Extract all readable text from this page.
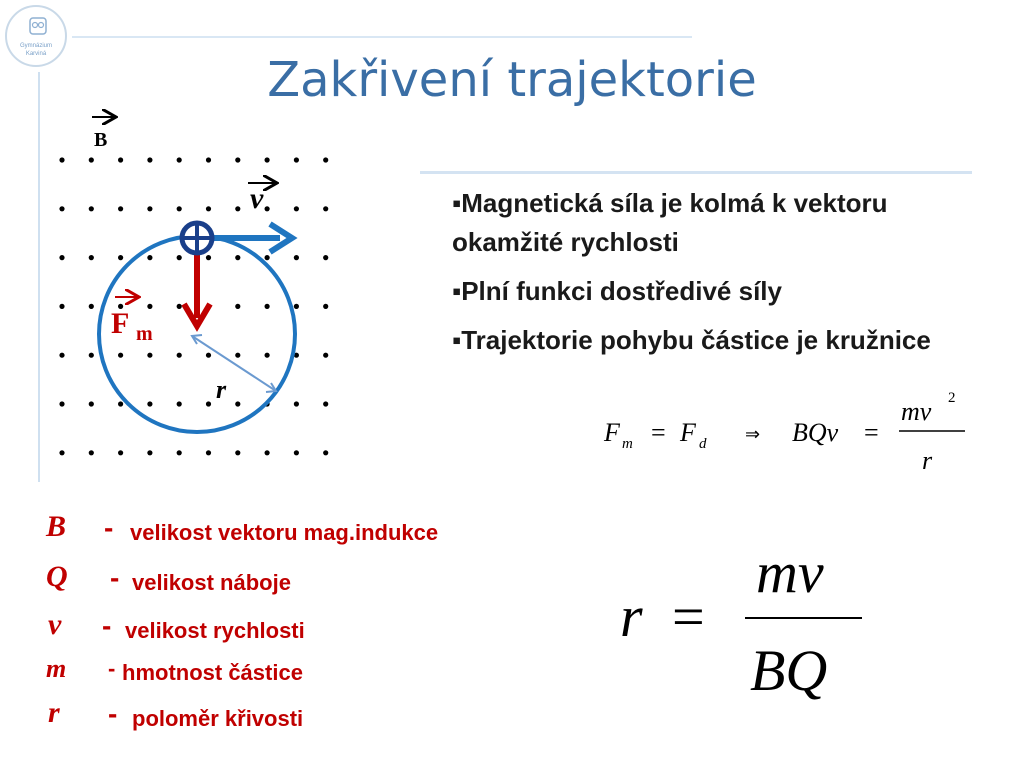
Gymnázium
Karviná	Zakřivení trajektorie
B
v
F m
r
F m = F d ⇒ BQv =
mv 2
r
r =
mv
BQ
▪ Magnetická síla je kolmá k vektoru okamžité rychlosti
▪ Plní funkci dostředivé síly
▪ Trajektorie pohybu částice je kružnice
B - velikost vektoru mag.indukce
Q - velikost náboje
v - velikost rychlosti
m - hmotnost částice
r - poloměr křivosti
